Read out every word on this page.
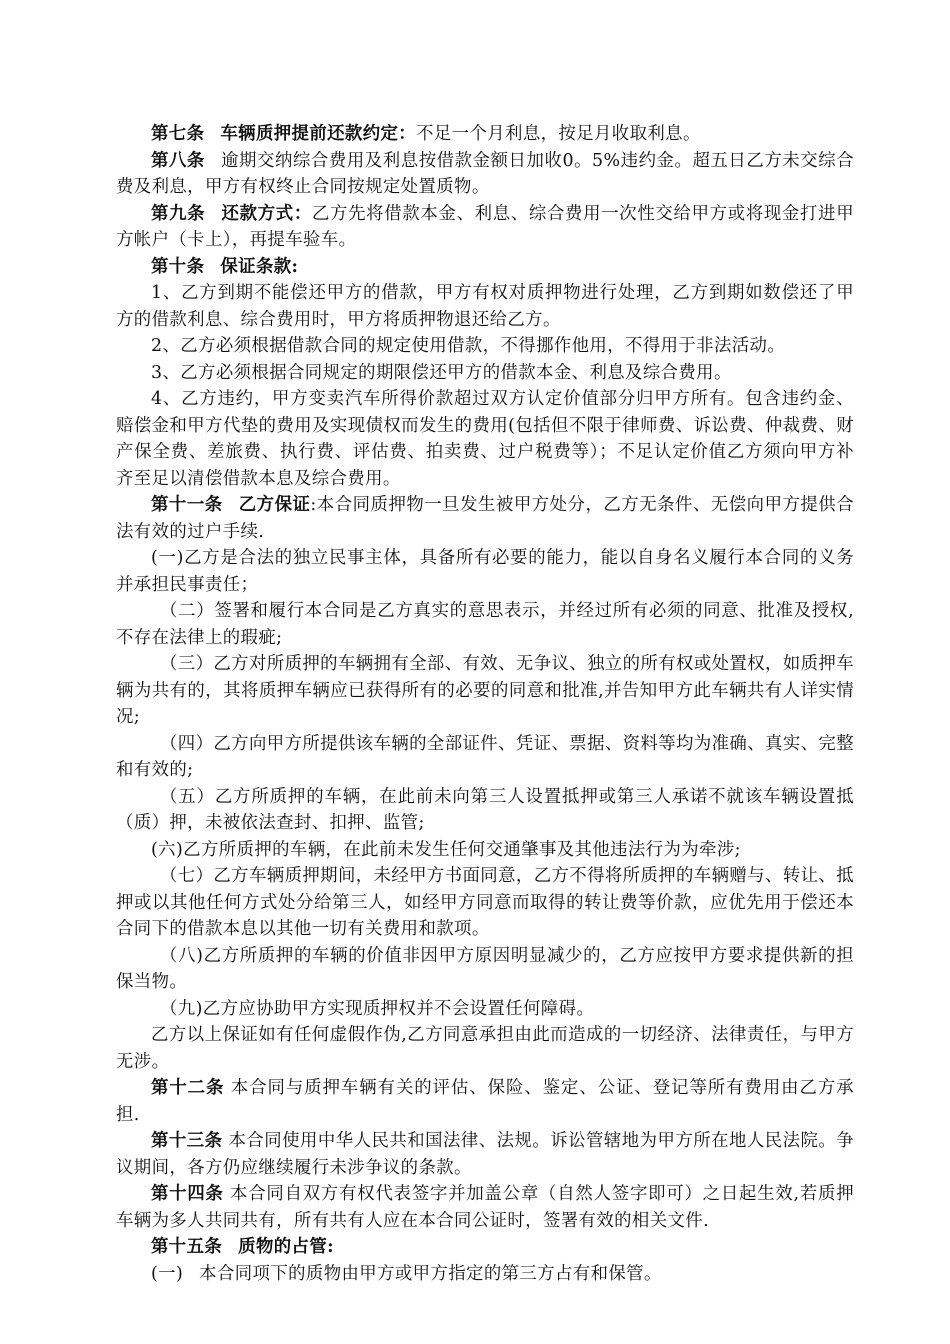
第七条 车辆质押提前还款约定：不足一个月利息，按足月收取利息。

第八条 逾期交纳综合费用及利息按借款金额日加收0。5%违约金。超五日乙方未交综合费及利息，甲方有权终止合同按规定处置质物。

第九条 还款方式：乙方先将借款本金、利息、综合费用一次性交给甲方或将现金打进甲方帐户（卡上），再提车验车。

第十条 保证条款:

1、乙方到期不能偿还甲方的借款，甲方有权对质押物进行处理，乙方到期如数偿还了甲方的借款利息、综合费用时，甲方将质押物退还给乙方。

2、乙方必须根据借款合同的规定使用借款，不得挪作他用，不得用于非法活动。

3、乙方必须根据合同规定的期限偿还甲方的借款本金、利息及综合费用。

4、乙方违约，甲方变卖汽车所得价款超过双方认定价值部分归甲方所有。包含违约金、赔偿金和甲方代垫的费用及实现债权而发生的费用(包括但不限于律师费、诉讼费、仲裁费、财产保全费、差旅费、执行费、评估费、拍卖费、过户税费等）；不足认定价值乙方须向甲方补齐至足以清偿借款本息及综合费用。

第十一条 乙方保证:本合同质押物一旦发生被甲方处分，乙方无条件、无偿向甲方提供合法有效的过户手续.

(一)乙方是合法的独立民事主体，具备所有必要的能力，能以自身名义履行本合同的义务并承担民事责任；

（二）签署和履行本合同是乙方真实的意思表示，并经过所有必须的同意、批准及授权,不存在法律上的瑕疵;

（三）乙方对所质押的车辆拥有全部、有效、无争议、独立的所有权或处置权，如质押车辆为共有的，其将质押车辆应已获得所有的必要的同意和批准,并告知甲方此车辆共有人详实情况;

（四）乙方向甲方所提供该车辆的全部证件、凭证、票据、资料等均为准确、真实、完整和有效的;

（五）乙方所质押的车辆，在此前未向第三人设置抵押或第三人承诺不就该车辆设置抵（质）押，未被依法查封、扣押、监管;

(六)乙方所质押的车辆，在此前未发生任何交通肇事及其他违法行为为牵涉;

（七）乙方车辆质押期间，未经甲方书面同意，乙方不得将所质押的车辆赠与、转让、抵押或以其他任何方式处分给第三人，如经甲方同意而取得的转让费等价款，应优先用于偿还本合同下的借款本息以其他一切有关费用和款项。

（八)乙方所质押的车辆的价值非因甲方原因明显减少的，乙方应按甲方要求提供新的担保当物。

（九)乙方应协助甲方实现质押权并不会设置任何障碍。

乙方以上保证如有任何虚假作伪,乙方同意承担由此而造成的一切经济、法律责任，与甲方无涉。

第十二条 本合同与质押车辆有关的评估、保险、鉴定、公证、登记等所有费用由乙方承担.

第十三条 本合同使用中华人民共和国法律、法规。诉讼管辖地为甲方所在地人民法院。争议期间，各方仍应继续履行未涉争议的条款。

第十四条 本合同自双方有权代表签字并加盖公章（自然人签字即可）之日起生效,若质押车辆为多人共同共有，所有共有人应在本合同公证时，签署有效的相关文件.

第十五条 质物的占管:

(一) 本合同项下的质物由甲方或甲方指定的第三方占有和保管。
